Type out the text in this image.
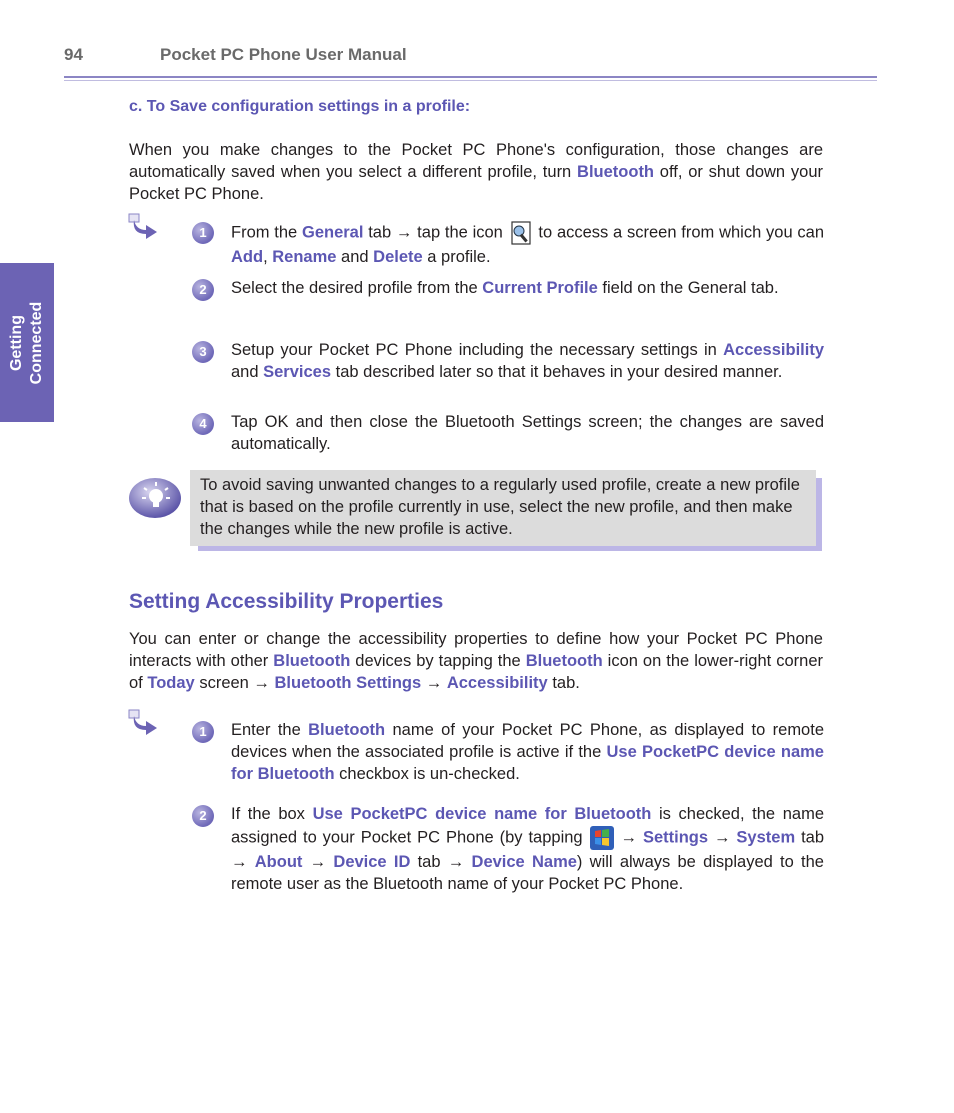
94	Pocket PC Phone User Manual
Getting Connected
c. To Save configuration settings in a profile:
When you make changes to the Pocket PC Phone's configuration, those changes are automatically saved when you select a different profile, turn Bluetooth off, or shut down your Pocket PC Phone.
1	From the General tab → tap the icon  to access a screen from which you can Add, Rename and Delete a profile.
2	Select the desired profile from the Current Profile field on the General tab.
3	Setup your Pocket PC Phone including the necessary settings in Accessibility and Services tab described later so that it behaves in your desired manner.
4	Tap OK and then close the Bluetooth Settings screen; the changes are saved automatically.
To avoid saving unwanted changes to a regularly used profile, create a new profile that is based on the profile currently in use, select the new profile, and then make the changes while the new profile is active.
Setting Accessibility Properties
You can enter or change the accessibility properties to define how your Pocket PC Phone interacts with other Bluetooth devices by tapping the Bluetooth icon on the lower-right corner of Today screen → Bluetooth Settings → Accessibility tab.
1	Enter the Bluetooth name of your Pocket PC Phone, as displayed to remote devices when the associated profile is active if the Use PocketPC device name for Bluetooth checkbox is un-checked.
2	If the box Use PocketPC device name for Bluetooth is checked, the name assigned to your Pocket PC Phone (by tapping  → Settings → System tab → About → Device ID tab → Device Name) will always be displayed to the remote user as the Bluetooth name of your Pocket PC Phone.
